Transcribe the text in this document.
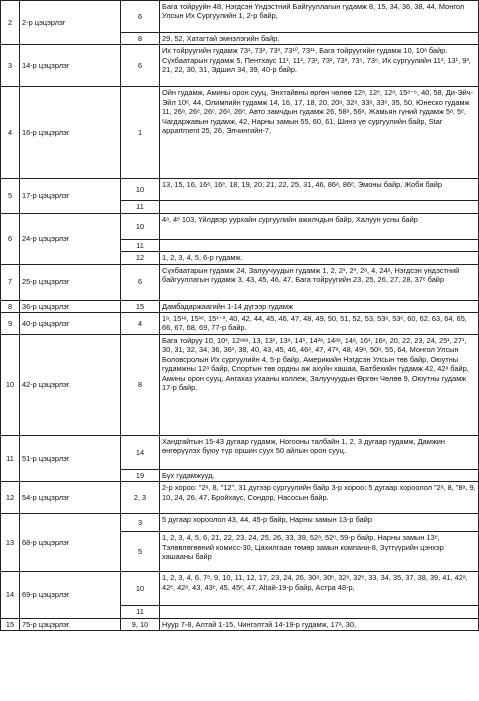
2	2-р цэцэрлэг	6	Бага тойрууйн 48, Нэгдсэн Үндэстний Байгууллагын гудамж 8, 15, 34, 36, 38, 44, Монгол Улсын Их Сургуулийн 1, 2-р байр,
		8	29, 52, Хатагтай эмнэлэгийн байр.
3	14-р цэцэрлэг	6	Их тойруугийн гудамж 73¹, 73², 73³, 73¹⁰, 73¹¹, Бага тойруугийн гудамж 10, 10ᵃ байр. Сүхбаатарын гудамж 5, Пентхаус 11¹, 11², 73¹, 73², 73³, 73⁵, 73⁶, Их сургуулийн 11³, 13¹, 9³, 21, 22, 30, 31, Эдшил 34, 39, 40-р байр.
4	16-р цэцэрлэг	1	Ойн гудамж, Амины орон сууц, Энхтайвны өргөн чөлөө 12ᵃ, 12ᵉ, 12ᵃ, 15ᵃ⁻⁶, 40, 58, Ди-Эйч-Эйл 10ᵉ, 44, Олимпийн гудамж 14, 16, 17, 18, 20, 20ᵃ, 32ᵃ, 33ᵃ, 33ᵉ, 35, 50, Юнеско гудамж 11, 26ᵃ, 26ᵉ, 26ᶜ, 26ᵃ, 26ᵉ, Авто замчдын гудамж 26, 58ᵃ, 56ᵃ, Жамьян гүний гудамж 5ᵃ, 5ᵉ, Чагдаржавын гудамж, 42, Нарны замын 55, 60, 61, Шинэ үе сургуулийн байр, Star appartment 25, 26, Элчингийн-7,
5	17-р цэцэрлэг	10	13, 15, 16, 16ᵃ, 16ᵉ, 18, 19, 20, 21, 22, 25, 31, 46, 86ᵃ, 86ᵉ, Эмоны байр, Жоби байр
		11	
6	24-р цэцэрлэг	10	4ᵃ, 4ᵉ 103, Үйлдвэр уурхайн сургуулийн ажилчдын байр, Халуун усны байр
		11	
		12	1, 2, 3, 4, 5, 6-р гудамж.
7	25-р цэцэрлэг	6	Сүхбаатарын гудамж 24, Залуучуудын гудамж 1, 2, 2¹, 2³, 2ᵃ, 4, 24ᵃ, Нэгдсэн үндэстний байгууллагын гудамж 3, 43, 45, 46, 47, Бага тойруугийн 23, 25, 26, 27, 28, 37ᵉ байр
8	36-р цэцэрлэг	15	Дамбадаржаагийн 1-14 дүгээр гудамж
9	40-р цэцэрлэг	4	1ᵃ, 15¹ᵃ, 15¹ᵉ, 15¹⁻³, 40, 42, 44, 45, 46, 47, 48, 49, 50, 51, 52, 53, 53ᵃ, 53ᵉ, 60, 62, 63, 64, 65, 66, 67, 68, 69, 77-р байр.
10	42-р цэцэрлэг	8	Бага тойруу 10, 10¹, 12ᵃᵃᵃ, 13, 13¹, 13ᵃ, 14¹, 14²ᵃ, 14ᵃᵃ, 14ᵃ, 16¹, 16ᵃ, 20, 22, 23, 24, 25¹, 27¹, 30, 31, 32, 34, 36, 36¹, 38, 40, 43, 45, 46, 46ᵃ, 47, 47ᵃ, 48, 49ᵃ, 50ᵃ, 55, 64, Монгол Улсын Боловсролын Их сургуулийн 4, 5-р байр, Америкийн Нэгдсэн Улсын төв байр, Оюутны гудамжны 12ᵃ байр, Спортын төв ордны аж ахуйн хашаа, Батбехийн гудамж 42, 42ᵃ байр, Амины орон сууц, Ангахаз ухааны коллеж, Залуучуудын Өргөн Чөлөө 9, Оюутны гудамж 17-р байр.
11	51-р цэцэрлэг	14	Хандгайтын 15-43 дугаар гудамж, Ногооны талбайн 1, 2, 3 дугаар гудамж, Дамжин өнгөрүүлэх буюу түр оршин суух 50 айлын орон сууц.
		19	Бүх гудамжууд.
12	54-р цэцэрлэг	2, 3	2-р хороо: "2ᵃ, 8, "12", 31 дүгээр сургуулийн байр 3-р хороо: 5 дугаар хороолол "2ᵃ, 8, "8ᵃ, 9, 10, 24, 26, 47, Бройхаус, Сондор, Насосын байр.
13	68-р цэцэрлэг	3	5 дугаар хороолол 43, 44, 45-р байр, Нарны замын 13-р байр
		5	1, 2, 3, 4, 5, 6, 21, 22, 23, 24, 25, 26, 33, 39, 52ᵃ, 52ᵉ, 59-р байр, Нарны замын 13ᵉ, Тэлөвлөгөөний комисс-30, Цахилгаан төмөр замын компани-8, Зүтгүүрийн цэнхэр хашааны байр
14	69-р цэцэрлэг	10	1, 2, 3, 4, 6, 7ᵃ, 9, 10, 11, 12, 17, 23, 24, 26, 30ᵃ, 30ᵉ, 32ᵃ, 32ᵉ, 33, 34, 35, 37, 38, 39, 41, 42ᵃ, 42ᵉ, 42ᵃ, 43, 43ᵉ, 45, 45ᵉ, 47, Altай-19-р байр, Астра 48-р,
		11	
15	75-р цэцэрлэг	9, 10	Нуур 7-8, Алтай 1-15, Чингэлтэй 14-19-р гудамж, 17ᵃ, 30,
